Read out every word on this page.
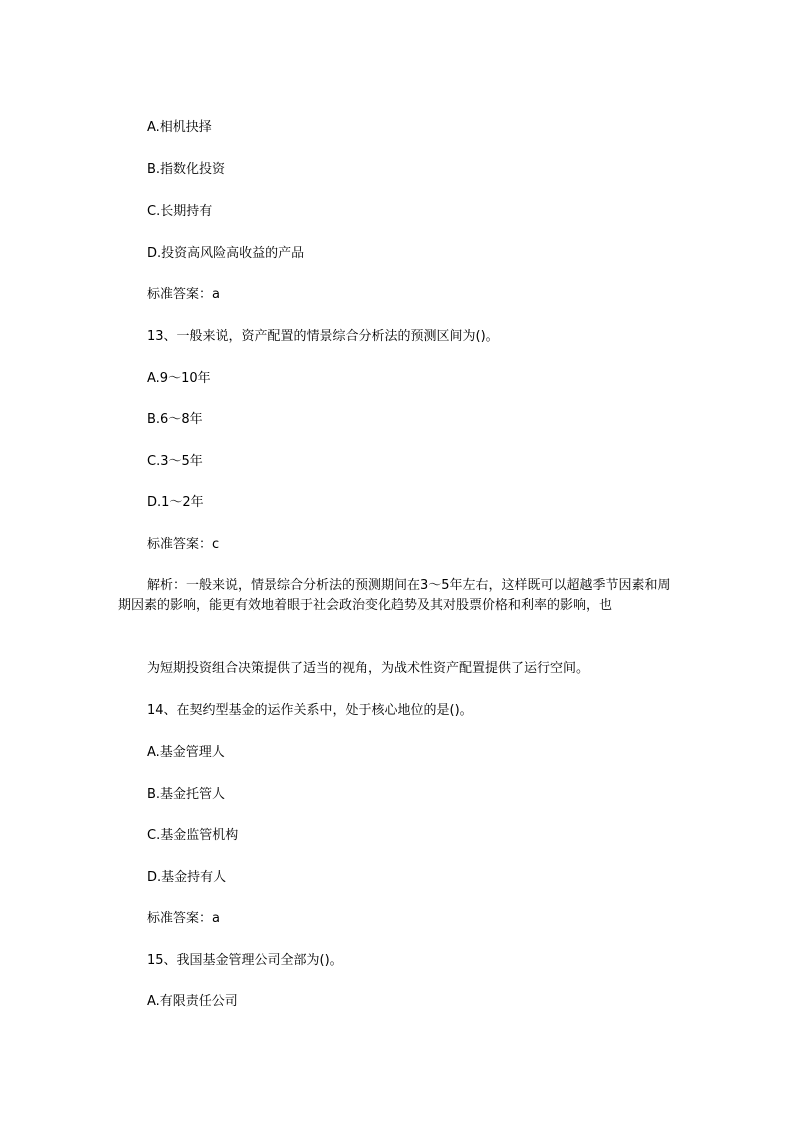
A.相机抉择
B.指数化投资
C.长期持有
D.投资高风险高收益的产品
标准答案：a
13、一般来说，资产配置的情景综合分析法的预测区间为()。
A.9～10年
B.6～8年
C.3～5年
D.1～2年
标准答案：c
解析：一般来说，情景综合分析法的预测期间在3～5年左右，这样既可以超越季节因素和周期因素的影响，能更有效地着眼于社会政治变化趋势及其对股票价格和利率的影响，也
为短期投资组合决策提供了适当的视角，为战术性资产配置提供了运行空间。
14、在契约型基金的运作关系中，处于核心地位的是()。
A.基金管理人
B.基金托管人
C.基金监管机构
D.基金持有人
标准答案：a
15、我国基金管理公司全部为()。
A.有限责任公司
